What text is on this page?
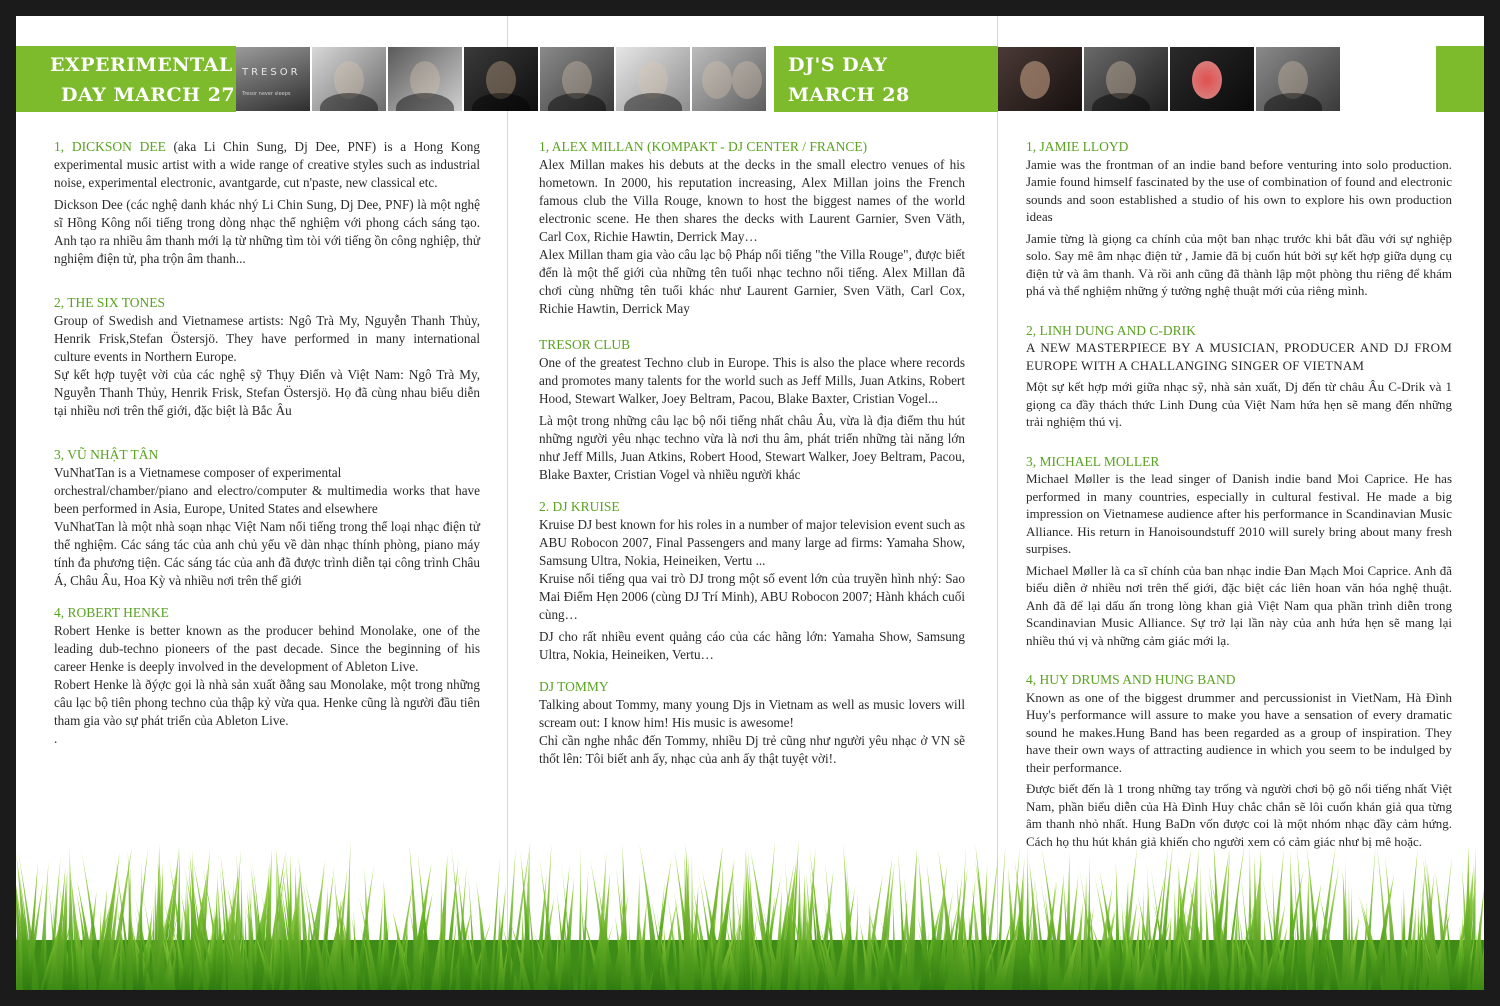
EXPERIMENTAL
DAY MARCH 27
DJ'S DAY
MARCH 28
TRESOR
Tresor never sleeps

1, DICKSON DEE (aka Li Chin Sung, Dj Dee, PNF) is a Hong Kong experimental music artist with a wide range of creative styles such as industrial noise, experimental electronic, avantgarde, cut n'paste, new classical etc.

Dickson Dee (các nghệ danh khác nhý Li Chin Sung, Dj Dee, PNF) là một nghệ sĩ Hồng Kông nổi tiếng trong dòng nhạc thể nghiệm với phong cách sáng tạo. Anh tạo ra nhiều âm thanh mới lạ từ những tìm tòi với tiếng ồn công nghiệp, thử nghiệm điện tử, pha trộn âm thanh...

2, THE SIX TONES

Group of Swedish and Vietnamese artists: Ngô Trà My, Nguyễn Thanh Thủy, Henrik Frisk,Stefan Östersjö. They have performed in many international culture events in Northern Europe.

Sự kết hợp tuyệt vời của các nghệ sỹ Thụy Điển và Việt Nam: Ngô Trà My, Nguyễn Thanh Thủy, Henrik Frisk, Stefan Östersjö. Họ đã cùng nhau biểu diễn tại nhiều nơi trên thế giới, đặc biệt là Bắc Âu

3, VŨ NHẬT TÂN

VuNhatTan is a Vietnamese composer of experimental

orchestral/chamber/piano and electro/computer & multimedia works that have been performed in Asia, Europe, United States and elsewhere

VuNhatTan là một nhà soạn nhạc Việt Nam nổi tiếng trong thể loại nhạc điện tử thể nghiệm. Các sáng tác của anh chủ yếu về dàn nhạc thính phòng, piano máy tính đa phương tiện. Các sáng tác của anh đã được trình diễn tại công trình Châu Á, Châu Âu, Hoa Kỳ và nhiều nơi trên thế giới

4, ROBERT HENKE

Robert Henke is better known as the producer behind Monolake, one of the leading dub-techno pioneers of the past decade. Since the beginning of his career Henke is deeply involved in the development of Ableton Live.

Robert Henke là ðýợc gọi là nhà sản xuất ðằng sau Monolake, một trong những câu lạc bộ tiên phong techno của thập kỷ vừa qua. Henke cũng là người đầu tiên tham gia vào sự phát triển của Ableton Live.

.

1, ALEX MILLAN (KOMPAKT - DJ CENTER / FRANCE)

Alex Millan makes his debuts at the decks in the small electro venues of his hometown. In 2000, his reputation increasing, Alex Millan joins the French famous club the Villa Rouge, known to host the biggest names of the world electronic scene. He then shares the decks with Laurent Garnier, Sven Väth, Carl Cox, Richie Hawtin, Derrick May…

Alex Millan tham gia vào câu lạc bộ Pháp nổi tiếng "the Villa Rouge", được biết đến là một thế giới của những tên tuổi nhạc techno nổi tiếng. Alex Millan đã chơi cùng những tên tuổi khác như Laurent Garnier, Sven Väth, Carl Cox, Richie Hawtin, Derrick May

TRESOR CLUB

One of the greatest Techno club in Europe. This is also the place where records and promotes many talents for the world such as Jeff Mills, Juan Atkins, Robert Hood, Stewart Walker, Joey Beltram, Pacou, Blake Baxter, Cristian Vogel...

Là một trong những câu lạc bộ nổi tiếng nhất châu Âu, vừa là địa điểm thu hút những người yêu nhạc techno vừa là nơi thu âm, phát triển những tài năng lớn như Jeff Mills, Juan Atkins, Robert Hood, Stewart Walker, Joey Beltram, Pacou, Blake Baxter, Cristian Vogel và nhiều người khác

2. DJ KRUISE

Kruise DJ best known for his roles in a number of major television event such as ABU Robocon 2007, Final Passengers and many large ad firms: Yamaha Show, Samsung Ultra, Nokia, Heineiken, Vertu ...

Kruise nổi tiếng qua vai trò DJ trong một số event lớn của truyền hình nhý: Sao Mai Điểm Hẹn 2006 (cùng DJ Trí Minh), ABU Robocon 2007; Hành khách cuối cùng…

DJ cho rất nhiều event quảng cáo của các hãng lớn: Yamaha Show, Samsung Ultra, Nokia, Heineiken, Vertu…

DJ TOMMY

Talking about Tommy, many young Djs in Vietnam as well as music lovers will scream out: I know him! His music is awesome!

Chỉ cần nghe nhắc đến Tommy, nhiều Dj trẻ cũng như người yêu nhạc ở VN sẽ thốt lên: Tôi biết anh ấy, nhạc của anh ấy thật tuyệt vời!.

1, JAMIE LLOYD

Jamie was the frontman of an indie band before venturing into solo production. Jamie found himself fascinated by the use of combination of found and electronic sounds and soon established a studio of his own to explore his own production ideas

Jamie từng là giọng ca chính của một ban nhạc trước khi bắt đầu với sự nghiệp solo. Say mê âm nhạc điện tử , Jamie đã bị cuốn hút bởi sự kết hợp giữa dụng cụ điện tử và âm thanh. Và rồi anh cũng đã thành lập một phòng thu riêng để khám phá và thể nghiệm những ý tưởng nghệ thuật mới của riêng mình.

2, LINH DUNG AND C-DRIK

A NEW MASTERPIECE BY A MUSICIAN, PRODUCER AND DJ FROM EUROPE WITH A CHALLANGING SINGER OF VIETNAM

Một sự kết hợp mới giữa nhạc sỹ, nhà sản xuất, Dj đến từ châu Âu C-Drik và 1 giọng ca đầy thách thức Linh Dung của Việt Nam hứa hẹn sẽ mang đến những trải nghiệm thú vị.

3, MICHAEL MOLLER

Michael Møller is the lead singer of Danish indie band Moi Caprice. He has performed in many countries, especially in cultural festival. He made a big impression on Vietnamese audience after his performance in Scandinavian Music Alliance. His return in Hanoisoundstuff 2010 will surely bring about many fresh surpises.

Michael Møller là ca sĩ chính của ban nhạc indie Đan Mạch Moi Caprice. Anh đã biểu diễn ở nhiều nơi trên thế giới, đặc biệt các liên hoan văn hóa nghệ thuật. Anh đã để lại dấu ấn trong lòng khan giả Việt Nam qua phần trình diễn trong Scandinavian Music Alliance. Sự trở lại lần này của anh hứa hẹn sẽ mang lại nhiều thú vị và những cảm giác mới lạ.

4, HUY DRUMS AND HUNG BAND

Known as one of the biggest drummer and percussionist in VietNam, Hà Đình Huy's performance will assure to make you have a sensation of every dramatic sound he makes.Hung Band has been regarded as a group of inspiration. They have their own ways of attracting audience in which you seem to be indulged by their performance.

Được biết đến là 1 trong những tay trống và người chơi bộ gõ nổi tiếng nhất Việt Nam, phần biểu diễn của Hà Đình Huy chắc chắn sẽ lôi cuốn khán giả qua từng âm thanh nhỏ nhất. Hung BaDn vốn được coi là một nhóm nhạc đầy cảm hứng. Cách họ thu hút khán giả khiến cho người xem có cảm giác như bị mê hoặc.
